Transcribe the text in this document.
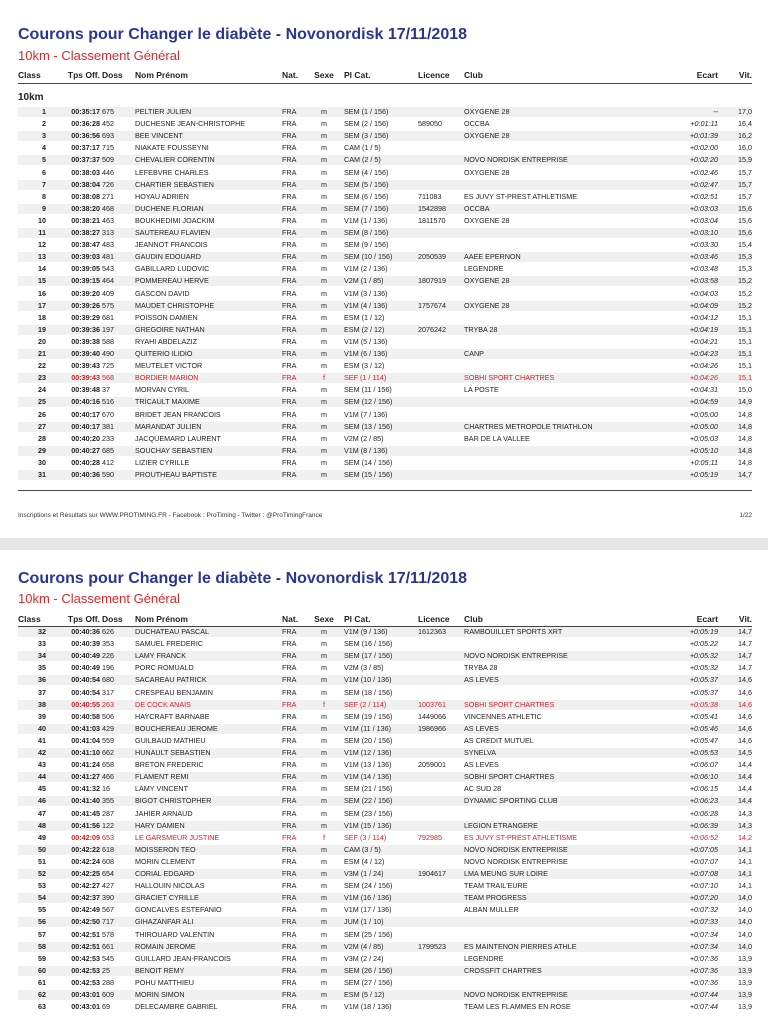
Courons pour Changer le diabète - Novonordisk 17/11/2018
10km - Classement Général
Class	Tps Off. Doss	Nom Prénom	Nat.	Sexe Pl Cat.	Licence	Club	Ecart	Vit.
10km
1	00:35:17 675	PELTIER JULIEN	FRA	m	SEM (1 / 156)	OXYGENE 28	--	17,0
2	00:36:28 452	DUCHESNE JEAN-CHRISTOPHE	FRA	m	SEM (2 / 156)	589050	OCCBA	+0:01:11	16,4
3	00:36:56 693	BEE VINCENT	FRA	m	SEM (3 / 156)	OXYGENE 28	+0:01:39	16,2
4	00:37:17 715	NIAKATE FOUSSEYNI	FRA	m	CAM (1 / 5)	+0:02:00	16,0
5	00:37:37 509	CHEVALIER CORENTIN	FRA	m	CAM (2 / 5)	NOVO NORDISK ENTREPRISE	+0:02:20	15,9
6	00:38:03 446	LEFEBVRE CHARLES	FRA	m	SEM (4 / 156)	OXYGENE 28	+0:02:46	15,7
7	00:38:04 726	CHARTIER SEBASTIEN	FRA	m	SEM (5 / 156)	+0:02:47	15,7
8	00:38:08 271	HOYAU ADRIEN	FRA	m	SEM (6 / 156)	711083	ES JUVY ST-PREST ATHLETISME	+0:02:51	15,7
9	00:38:20 468	DUCHENE FLORIAN	FRA	m	SEM (7 / 156)	1542898	OCCBA	+0:03:03	15,6
10	00:38:21 463	BOUKHEDIMI JOACKIM	FRA	m	V1M (1 / 136)	1811570	OXYGENE 28	+0:03:04	15,6
11	00:38:27 313	SAUTEREAU FLAVIEN	FRA	m	SEM (8 / 156)	+0:03:10	15,6
12	00:38:47 483	JEANNOT FRANCOIS	FRA	m	SEM (9 / 156)	+0:03:30	15,4
13	00:39:03 481	GAUDIN EDOUARD	FRA	m	SEM (10 / 156)	2050539	AAEE EPERNON	+0:03:46	15,3
14	00:39:05 543	GABILLARD LUDOVIC	FRA	m	V1M (2 / 136)	LEGENDRE	+0:03:48	15,3
15	00:39:15 464	POMMEREAU HERVE	FRA	m	V2M (1 / 85)	1807919	OXYGENE 28	+0:03:58	15,2
16	00:39:20 409	GASCON DAVID	FRA	m	V1M (3 / 136)	+0:04:03	15,2
17	00:39:26 575	MAUDET CHRISTOPHE	FRA	m	V1M (4 / 136)	1757674	OXYGENE 28	+0:04:09	15,2
18	00:39:29 681	POISSON DAMIEN	FRA	m	ESM (1 / 12)	+0:04:12	15,1
19	00:39:36 197	GREGOIRE NATHAN	FRA	m	ESM (2 / 12)	2076242	TRYBA 28	+0:04:19	15,1
20	00:39:38 588	RYAHI ABDELAZIZ	FRA	m	V1M (5 / 136)	+0:04:21	15,1
21	00:39:40 490	QUITERIO ILIDIO	FRA	m	V1M (6 / 136)	CANP	+0:04:23	15,1
22	00:39:43 725	MEUTELET VICTOR	FRA	m	ESM (3 / 12)	+0:04:26	15,1
23	00:39:43 568	BORDIER MARION	FRA	f	SEF (1 / 114)	SOBHI SPORT CHARTRES	+0:04:26	15,1
24	00:39:48 37	MORVAN CYRIL	FRA	m	SEM (11 / 156)	LA POSTE	+0:04:31	15,0
25	00:40:16 516	TRICAULT MAXIME	FRA	m	SEM (12 / 156)	+0:04:59	14,9
26	00:40:17 670	BRIDET JEAN FRANCOIS	FRA	m	V1M (7 / 136)	+0:05:00	14,8
27	00:40:17 381	MARANDAT JULIEN	FRA	m	SEM (13 / 156)	CHARTRES METROPOLE TRIATHLON	+0:05:00	14,8
28	00:40:20 233	JACQUEMARD LAURENT	FRA	m	V2M (2 / 85)	BAR DE LA VALLEE	+0:05:03	14,8
29	00:40:27 685	SOUCHAY SEBASTIEN	FRA	m	V1M (8 / 136)	+0:05:10	14,8
30	00:40:28 412	LIZIER CYRILLE	FRA	m	SEM (14 / 156)	+0:05:11	14,8
31	00:40:36 590	PROUTHEAU BAPTISTE	FRA	m	SEM (15 / 156)	+0:05:19	14,7
Inscriptions et Résultats sur WWW.PROTIMING.FR - Facebook : ProTiming - Twitter : @ProTimingFrance	1/22
Courons pour Changer le diabète - Novonordisk 17/11/2018
10km - Classement Général
Class	Tps Off. Doss	Nom Prénom	Nat.	Sexe Pl Cat.	Licence	Club	Ecart	Vit.
32	00:40:36 626	DUCHATEAU PASCAL	FRA	m	V1M (9 / 136)	1612363	RAMBOUILLET SPORTS XRT	+0:05:19	14,7
33	00:40:39 353	SAMUEL FREDERIC	FRA	m	SEM (16 / 156)	+0:05:22	14,7
34	00:40:49 226	LAMY FRANCK	FRA	m	SEM (17 / 156)	NOVO NORDISK ENTREPRISE	+0:05:32	14,7
35	00:40:49 196	PORC ROMUALD	FRA	m	V2M (3 / 85)	TRYBA 28	+0:05:32	14,7
36	00:40:54 680	SACAREAU PATRICK	FRA	m	V1M (10 / 136)	AS LEVES	+0:05:37	14,6
37	00:40:54 317	CRESPEAU BENJAMIN	FRA	m	SEM (18 / 156)	+0:05:37	14,6
38	00:40:55 263	DE COCK ANAIS	FRA	f	SEF (2 / 114)	1003761	SOBHI SPORT CHARTRES	+0:05:38	14,6
39	00:40:58 506	HAYCRAFT BARNABE	FRA	m	SEM (19 / 156)	1449066	VINCENNES ATHLETIC	+0:05:41	14,6
40	00:41:03 429	BOUCHEREAU JEROME	FRA	m	V1M (11 / 136)	1986966	AS LEVES	+0:05:46	14,6
41	00:41:04 559	GUILBAUD MATHIEU	FRA	m	SEM (20 / 156)	AS CREDIT MUTUEL	+0:05:47	14,6
42	00:41:10 662	HUNAULT SEBASTIEN	FRA	m	V1M (12 / 136)	SYNELVA	+0:05:53	14,5
43	00:41:24 658	BRETON FREDERIC	FRA	m	V1M (13 / 136)	2059001	AS LEVES	+0:06:07	14,4
44	00:41:27 466	FLAMENT REMI	FRA	m	V1M (14 / 136)	SOBHI SPORT CHARTRES	+0:06:10	14,4
45	00:41:32 16	LAMY VINCENT	FRA	m	SEM (21 / 156)	AC SUD 28	+0:06:15	14,4
46	00:41:40 355	BIGOT CHRISTOPHER	FRA	m	SEM (22 / 156)	DYNAMIC SPORTING CLUB	+0:06:23	14,4
47	00:41:45 287	JAHIER ARNAUD	FRA	m	SEM (23 / 156)	+0:06:28	14,3
48	00:41:56 122	HARY DAMIEN	FRA	m	V1M (15 / 136)	LEGION ETRANGERE	+0:06:39	14,3
49	00:42:09 653	LE GARSMEUR JUSTINE	FRA	f	SEF (3 / 114)	792985	ES JUVY ST-PREST ATHLETISME	+0:06:52	14,2
50	00:42:22 618	MOISSERON TEO	FRA	m	CAM (3 / 5)	NOVO NORDISK ENTREPRISE	+0:07:05	14,1
51	00:42:24 608	MORIN CLEMENT	FRA	m	ESM (4 / 12)	NOVO NORDISK ENTREPRISE	+0:07:07	14,1
52	00:42:25 654	CORIAL EDGARD	FRA	m	V3M (1 / 24)	1904617	LMA MEUNG SUR LOIRE	+0:07:08	14,1
53	00:42:27 427	HALLOUIN NICOLAS	FRA	m	SEM (24 / 156)	TEAM TRAIL'EURE	+0:07:10	14,1
54	00:42:37 390	GRACIET CYRILLE	FRA	m	V1M (16 / 136)	TEAM PROGRESS	+0:07:20	14,0
55	00:42:49 567	GONCALVES ESTEFANIO	FRA	m	V1M (17 / 136)	ALBAN MULLER	+0:07:32	14,0
56	00:42:50 717	GIHAZANFAR ALI	FRA	m	JUM (1 / 10)	+0:07:33	14,0
57	00:42:51 578	THIROUARD VALENTIN	FRA	m	SEM (25 / 156)	+0:07:34	14,0
58	00:42:51 661	ROMAIN JEROME	FRA	m	V2M (4 / 85)	1799523	ES MAINTENON PIERRES ATHLE	+0:07:34	14,0
59	00:42:53 545	GUILLARD JEAN-FRANCOIS	FRA	m	V3M (2 / 24)	LEGENDRE	+0:07:36	13,9
60	00:42:53 25	BENOIT REMY	FRA	m	SEM (26 / 156)	CROSSFIT CHARTRES	+0:07:36	13,9
61	00:42:53 288	POHU MATTHIEU	FRA	m	SEM (27 / 156)	+0:07:36	13,9
62	00:43:01 609	MORIN SIMON	FRA	m	ESM (5 / 12)	NOVO NORDISK ENTREPRISE	+0:07:44	13,9
63	00:43:01 69	DELECAMBRE GABRIEL	FRA	m	V1M (18 / 136)	TEAM LES FLAMMES EN ROSE	+0:07:44	13,9
